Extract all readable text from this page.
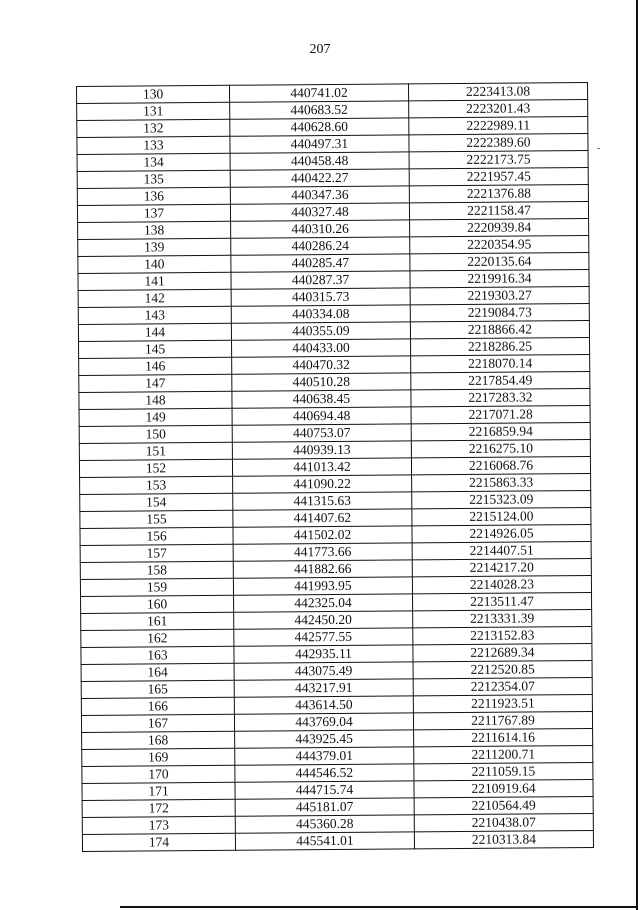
207
130	440741.02	2223413.08
131	440683.52	2223201.43
132	440628.60	2222989.11
133	440497.31	2222389.60
134	440458.48	2222173.75
135	440422.27	2221957.45
136	440347.36	2221376.88
137	440327.48	2221158.47
138	440310.26	2220939.84
139	440286.24	2220354.95
140	440285.47	2220135.64
141	440287.37	2219916.34
142	440315.73	2219303.27
143	440334.08	2219084.73
144	440355.09	2218866.42
145	440433.00	2218286.25
146	440470.32	2218070.14
147	440510.28	2217854.49
148	440638.45	2217283.32
149	440694.48	2217071.28
150	440753.07	2216859.94
151	440939.13	2216275.10
152	441013.42	2216068.76
153	441090.22	2215863.33
154	441315.63	2215323.09
155	441407.62	2215124.00
156	441502.02	2214926.05
157	441773.66	2214407.51
158	441882.66	2214217.20
159	441993.95	2214028.23
160	442325.04	2213511.47
161	442450.20	2213331.39
162	442577.55	2213152.83
163	442935.11	2212689.34
164	443075.49	2212520.85
165	443217.91	2212354.07
166	443614.50	2211923.51
167	443769.04	2211767.89
168	443925.45	2211614.16
169	444379.01	2211200.71
170	444546.52	2211059.15
171	444715.74	2210919.64
172	445181.07	2210564.49
173	445360.28	2210438.07
174	445541.01	2210313.84
